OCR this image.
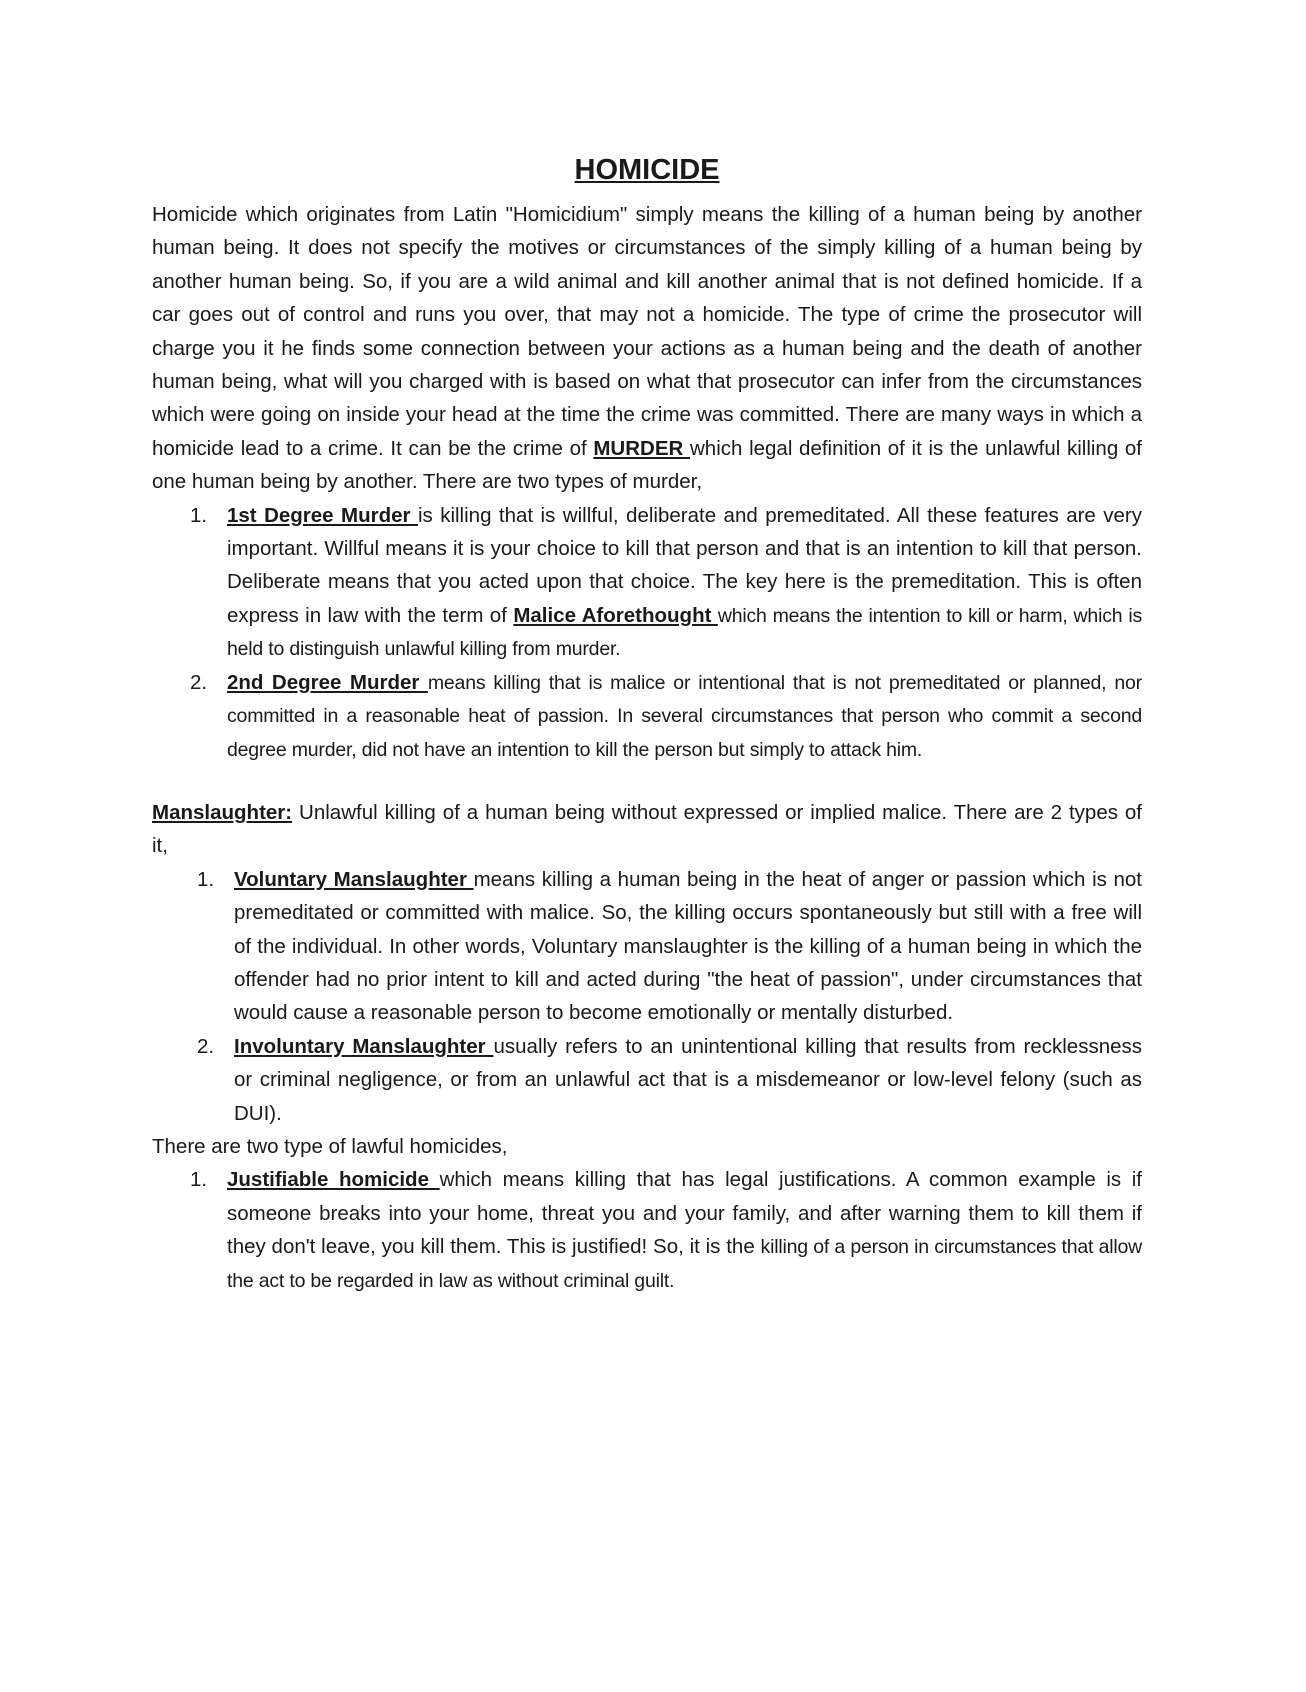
HOMICIDE

Homicide which originates from Latin "Homicidium" simply means the killing of a human being by another human being. It does not specify the motives or circumstances of the simply killing of a human being by another human being. So, if you are a wild animal and kill another animal that is not defined homicide. If a car goes out of control and runs you over, that may not a homicide. The type of crime the prosecutor will charge you it he finds some connection between your actions as a human being and the death of another human being, what will you charged with is based on what that prosecutor can infer from the circumstances which were going on inside your head at the time the crime was committed. There are many ways in which a homicide lead to a crime. It can be the crime of MURDER which legal definition of it is the unlawful killing of one human being by another. There are two types of murder,

1. 1st Degree Murder is killing that is willful, deliberate and premeditated. All these features are very important. Willful means it is your choice to kill that person and that is an intention to kill that person. Deliberate means that you acted upon that choice. The key here is the premeditation. This is often express in law with the term of Malice Aforethought which means the intention to kill or harm, which is held to distinguish unlawful killing from murder.
2. 2nd Degree Murder means killing that is malice or intentional that is not premeditated or planned, nor committed in a reasonable heat of passion. In several circumstances that person who commit a second degree murder, did not have an intention to kill the person but simply to attack him.

Manslaughter: Unlawful killing of a human being without expressed or implied malice. There are 2 types of it,

1. Voluntary Manslaughter means killing a human being in the heat of anger or passion which is not premeditated or committed with malice. So, the killing occurs spontaneously but still with a free will of the individual. In other words, Voluntary manslaughter is the killing of a human being in which the offender had no prior intent to kill and acted during "the heat of passion", under circumstances that would cause a reasonable person to become emotionally or mentally disturbed.
2. Involuntary Manslaughter usually refers to an unintentional killing that results from recklessness or criminal negligence, or from an unlawful act that is a misdemeanor or low-level felony (such as DUI).

There are two type of lawful homicides,

1. Justifiable homicide which means killing that has legal justifications. A common example is if someone breaks into your home, threat you and your family, and after warning them to kill them if they don't leave, you kill them. This is justified! So, it is the killing of a person in circumstances that allow the act to be regarded in law as without criminal guilt.
